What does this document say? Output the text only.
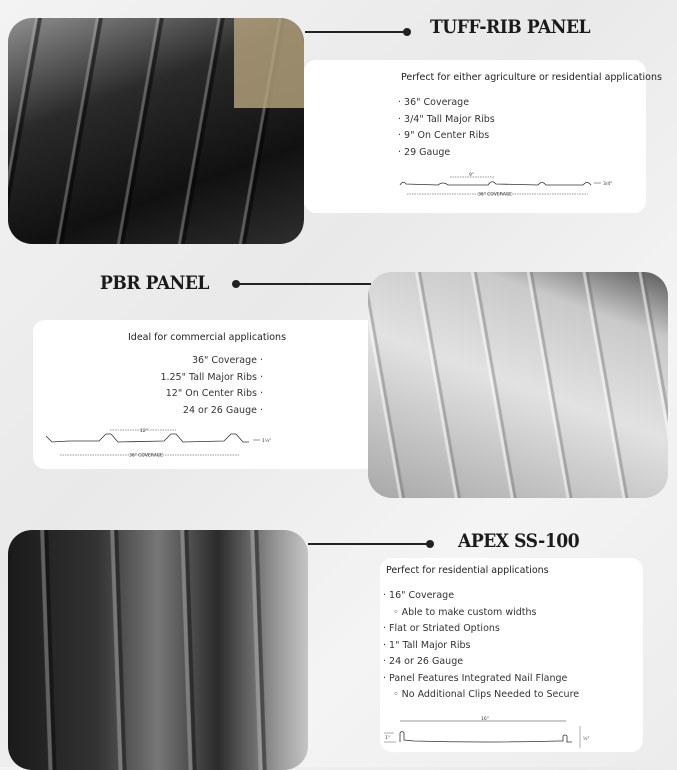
TUFF-RIB PANEL
Perfect for either agriculture or residential applications
· 36" Coverage
· 3/4" Tall Major Ribs
· 9" On Center Ribs
· 29 Gauge
9"
36" COVERAGE
3/4"
PBR PANEL
Ideal for commercial applications
36" Coverage ·
1.25" Tall Major Ribs ·
12" On Center Ribs ·
24 or 26 Gauge ·
12"
36" COVERAGE
1¼"
APEX SS-100
Perfect for residential applications
· 16" Coverage
◦ Able to make custom widths
· Flat or Striated Options
· 1" Tall Major Ribs
· 24 or 26 Gauge
· Panel Features Integrated Nail Flange
◦ No Additional Clips Needed to Secure
16"
1"	½"
